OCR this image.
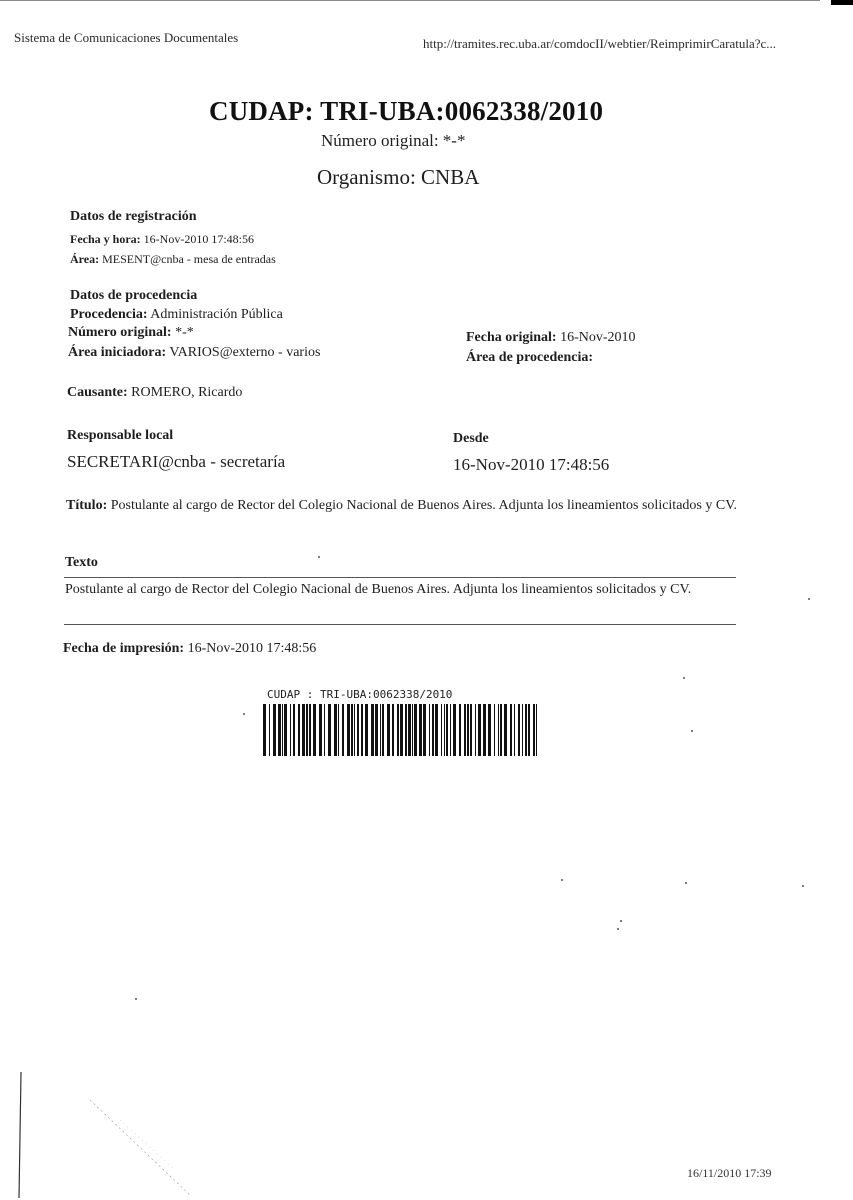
Sistema de Comunicaciones Documentales	http://tramites.rec.uba.ar/comdocII/webtier/ReimprimirCaratula?c...
CUDAP: TRI-UBA:0062338/2010
Número original: *-*
Organismo: CNBA
Datos de registración
Fecha y hora: 16-Nov-2010 17:48:56
Área: MESENT@cnba - mesa de entradas
Datos de procedencia
Procedencia: Administración Pública
Número original: *-*
Área iniciadora: VARIOS@externo - varios
Fecha original: 16-Nov-2010
Área de procedencia:
Causante: ROMERO, Ricardo
Responsable local
SECRETARI@cnba - secretaría
Desde
16-Nov-2010 17:48:56
Título: Postulante al cargo de Rector del Colegio Nacional de Buenos Aires. Adjunta los lineamientos solicitados y CV.
Texto
Postulante al cargo de Rector del Colegio Nacional de Buenos Aires. Adjunta los lineamientos solicitados y CV.
Fecha de impresión: 16-Nov-2010 17:48:56
CUDAP : TRI-UBA:0062338/2010
16/11/2010 17:39
